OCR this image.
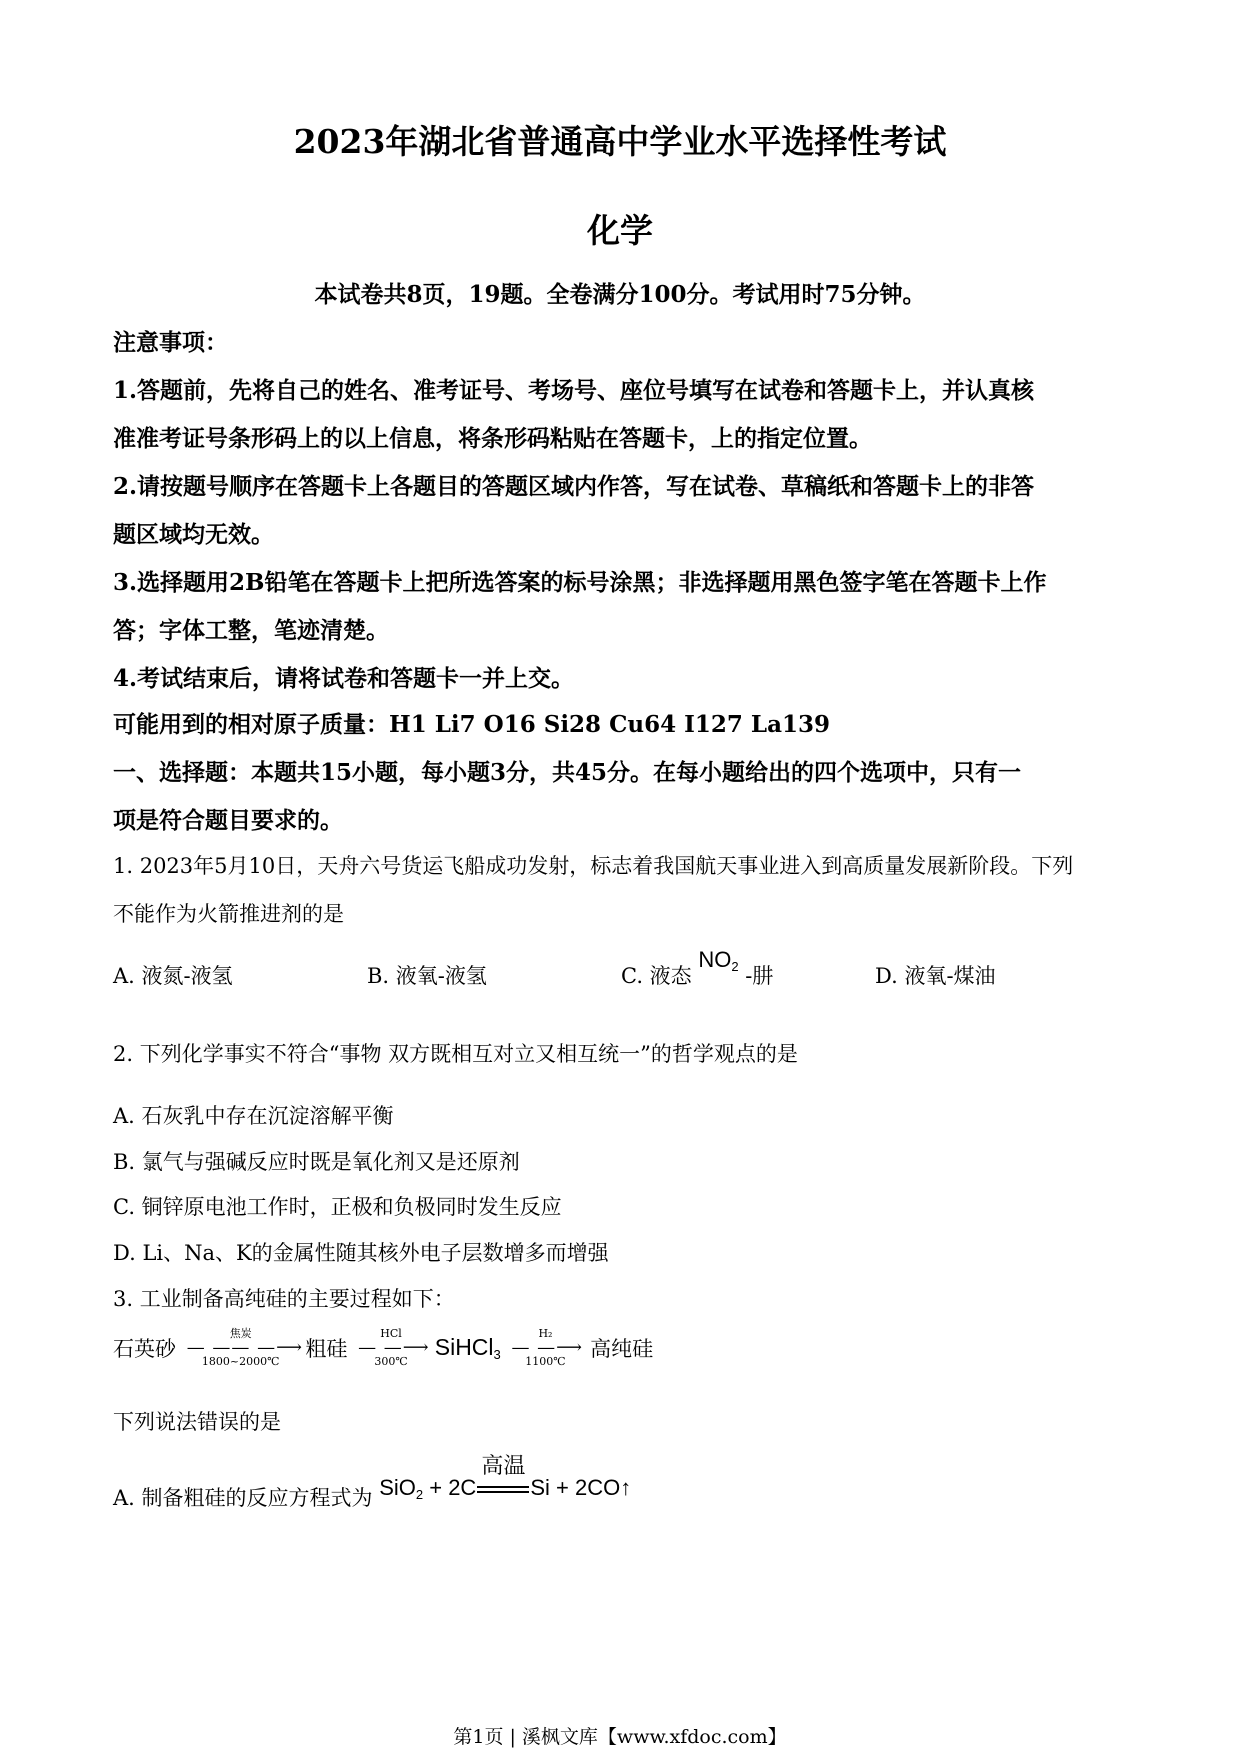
2023年湖北省普通高中学业水平选择性考试
化学
本试卷共8页，19题。全卷满分100分。考试用时75分钟。
注意事项：
1.答题前，先将自己的姓名、准考证号、考场号、座位号填写在试卷和答题卡上，并认真核
准准考证号条形码上的以上信息，将条形码粘贴在答题卡，上的指定位置。
2.请按题号顺序在答题卡上各题目的答题区域内作答，写在试卷、草稿纸和答题卡上的非答
题区域均无效。
3.选择题用2B铅笔在答题卡上把所选答案的标号涂黑；非选择题用黑色签字笔在答题卡上作
答；字体工整，笔迹清楚。
4.考试结束后，请将试卷和答题卡一并上交。
可能用到的相对原子质量：H1 Li7 O16 Si28 Cu64 I127 La139
一、选择题：本题共15小题，每小题3分，共45分。在每小题给出的四个选项中，只有一
项是符合题目要求的。
1. 2023年5月10日，天舟六号货运飞船成功发射，标志着我国航天事业进入到高质量发展新阶段。下列
不能作为火箭推进剂的是
A. 液氮-液氢	B. 液氧-液氢	C. 液态 $NO_2$ -肼	D. 液氧-煤油
2. 下列化学事实不符合“事物 双方既相互对立又相互统一”的哲学观点的是
A. 石灰乳中存在沉淀溶解平衡
B. 氯气与强碱反应时既是氧化剂又是还原剂
C. 铜锌原电池工作时，正极和负极同时发生反应
D. Li、Na、K的金属性随其核外电子层数增多而增强
3. 工业制备高纯硅的主要过程如下：
石英砂
焦炭
— —— —⟶
1800~2000℃
粗硅
HCl
— —⟶
300℃
SiHCl$_3$
H₂
— —⟶
1100℃
高纯硅
下列说法错误的是
A. 制备粗硅的反应方程式为 SiO$_2$ + 2C
高温
Si + 2CO↑
第1页 | 溪枫文库【www.xfdoc.com】
